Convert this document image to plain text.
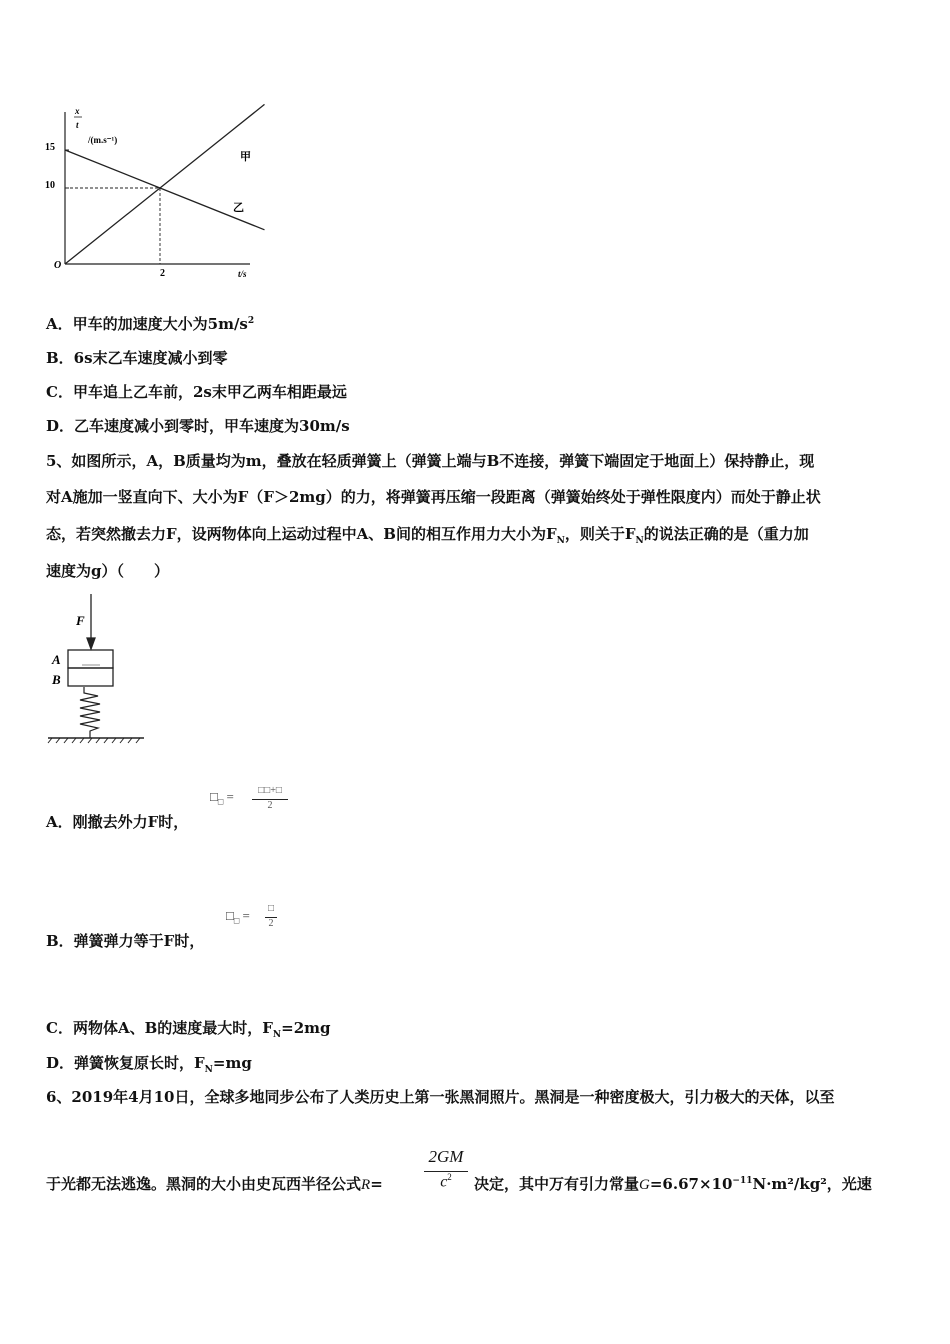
x
t
/(m.s⁻¹)
O
15
10
2	t/s
甲
乙
A．甲车的加速度大小为$5m/s^2$
B．6s末乙车速度减小到零
C．甲车追上乙车前，2s末甲乙两车相距最远
D．乙车速度减小到零时，甲车速度为30m/s
5、如图所示，A，B质量均为m，叠放在轻质弹簧上（弹簧上端与B不连接，弹簧下端固定于地面上）保持静止，现
对A施加一竖直向下、大小为F（F＞2mg）的力，将弹簧再压缩一段距离（弹簧始终处于弹性限度内）而处于静止状
态，若突然撤去力F，设两物体向上运动过程中A、B间的相互作用力大小为$F_N$，则关于$F_N$的说法正确的是（重力加
速度为g）（　　）
F
A
B
A．刚撤去外力F时，
$□_□$ =	□□+□
2
B．弹簧弹力等于F时，
$□_□$ =	□
2
C．两物体A、B的速度最大时，$F_N=2mg$
D．弹簧恢复原长时，$F_N=mg$
6、2019年4月10日，全球多地同步公布了人类历史上第一张黑洞照片。黑洞是一种密度极大，引力极大的天体，以至
于光都无法逃逸。黑洞的大小由史瓦西半径公式R=
2GM
$c^2$	决定，其中万有引力常量$G=6.67\times 10^{-11}N\cdot m^2$/kg²，光速
